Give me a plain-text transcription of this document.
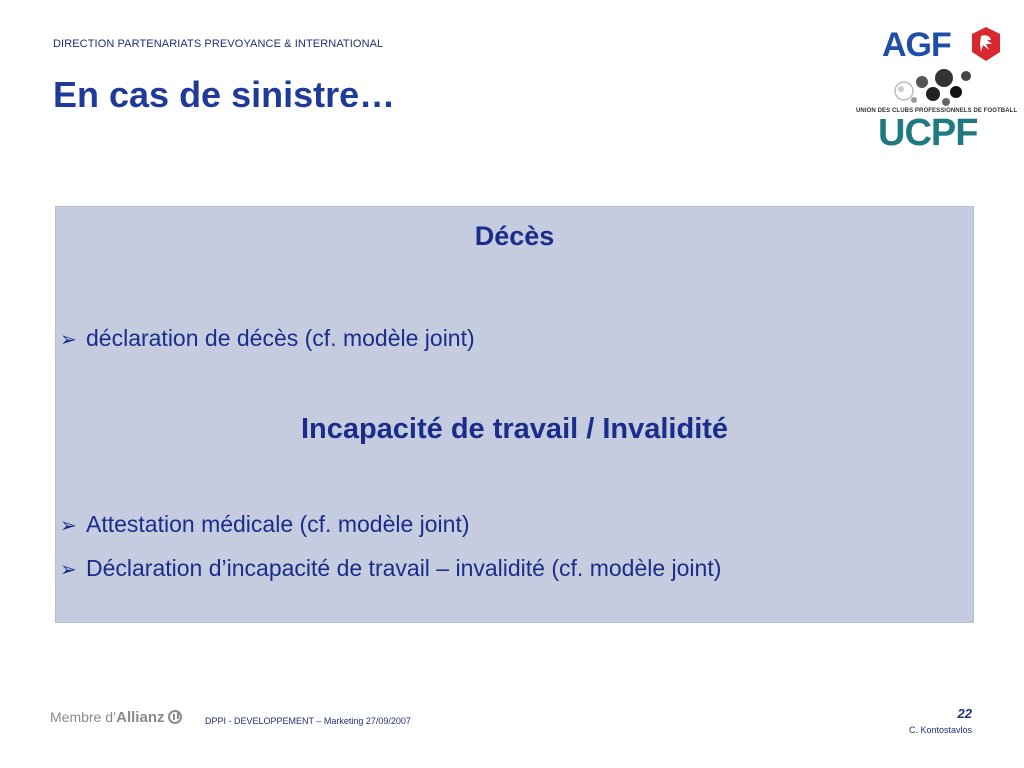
DIRECTION PARTENARIATS PREVOYANCE & INTERNATIONAL
En cas de sinistre…
AGF
UNION DES CLUBS PROFESSIONNELS DE FOOTBALL
UCPF
Décès
➢ déclaration de décès (cf. modèle joint)
Incapacité de travail / Invalidité
➢ Attestation médicale (cf. modèle joint)
➢ Déclaration d’incapacité de travail – invalidité (cf. modèle joint)
Membre d’Allianz	DPPI - DEVELOPPEMENT – Marketing 27/09/2007	22
C. Kontostavlos
